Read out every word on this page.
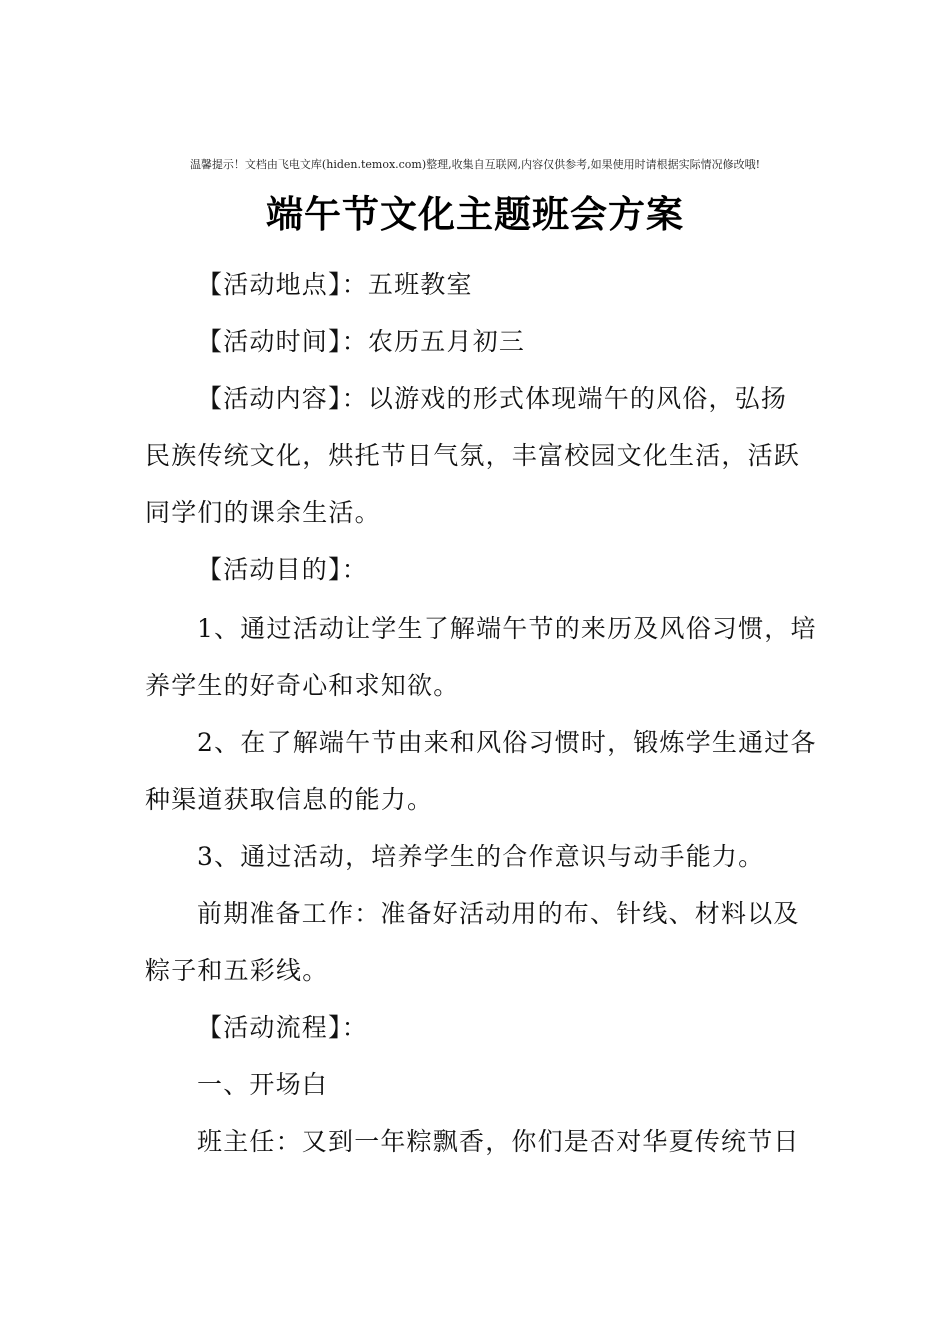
温馨提示！文档由飞电文库(hiden.temox.com)整理,收集自互联网,内容仅供参考,如果使用时请根据实际情况修改哦!
端午节文化主题班会方案
【活动地点】：五班教室
【活动时间】：农历五月初三
【活动内容】：以游戏的形式体现端午的风俗，弘扬
民族传统文化，烘托节日气氛，丰富校园文化生活，活跃
同学们的课余生活。
【活动目的】：
1、通过活动让学生了解端午节的来历及风俗习惯，培
养学生的好奇心和求知欲。
2、在了解端午节由来和风俗习惯时，锻炼学生通过各
种渠道获取信息的能力。
3、通过活动，培养学生的合作意识与动手能力。
前期准备工作：准备好活动用的布、针线、材料以及
粽子和五彩线。
【活动流程】：
一、开场白
班主任：又到一年粽飘香，你们是否对华夏传统节日
